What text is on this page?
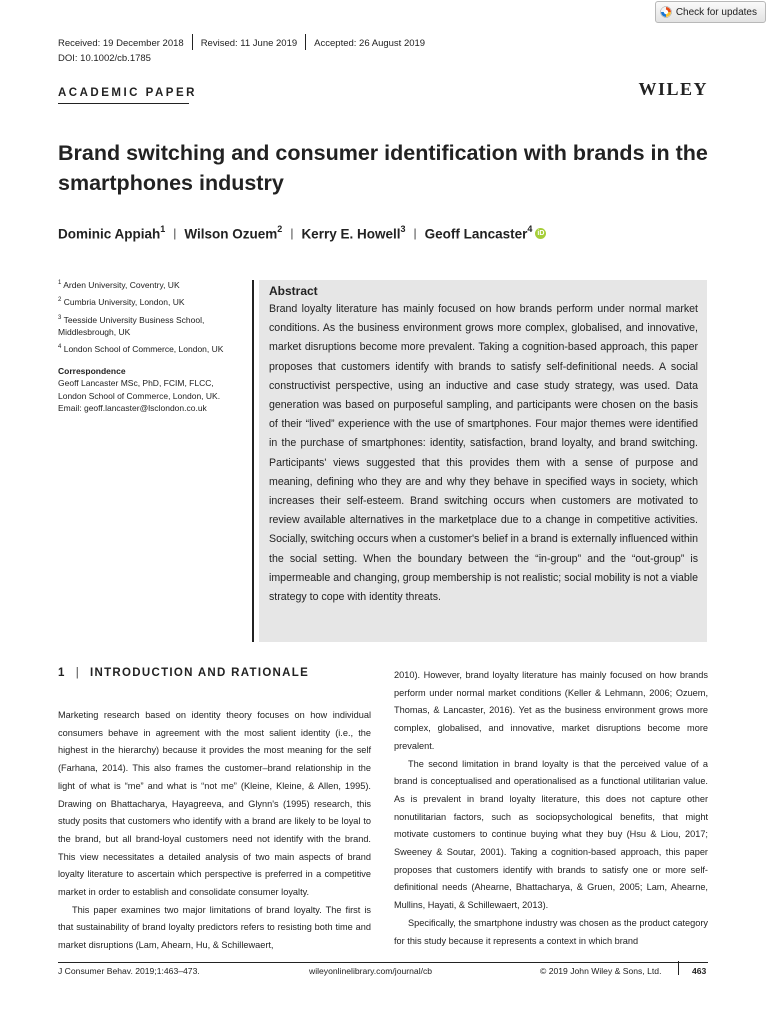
Received: 19 December 2018	Revised: 11 June 2019	Accepted: 26 August 2019
DOI: 10.1002/cb.1785
Check for updates
ACADEMIC PAPER	WILEY
Brand switching and consumer identification with brands in the smartphones industry
Dominic Appiah$^1$ | Wilson Ozuem$^2$ | Kerry E. Howell$^3$ | Geoff Lancaster$^4$ iD
$^1$ Arden University, Coventry, UK
$^2$ Cumbria University, London, UK
$^3$ Teesside University Business School, Middlesbrough, UK
$^4$ London School of Commerce, London, UK
Correspondence
Geoff Lancaster MSc, PhD, FCIM, FLCC,
London School of Commerce, London, UK.
Email: geoff.lancaster@lsclondon.co.uk
Abstract

Brand loyalty literature has mainly focused on how brands perform under normal market conditions. As the business environment grows more complex, globalised, and innovative, market disruptions become more prevalent. Taking a cognition-based approach, this paper proposes that customers identify with brands to satisfy self-definitional needs. A social constructivist perspective, using an inductive and case study strategy, was used. Data generation was based on purposeful sampling, and participants were chosen on the basis of their “lived” experience with the use of smartphones. Four major themes were identified in the purchase of smartphones: identity, satisfaction, brand loyalty, and brand switching. Participants' views suggested that this provides them with a sense of purpose and meaning, defining who they are and why they behave in specified ways in society, which increases their self-esteem. Brand switching occurs when customers are motivated to review available alternatives in the marketplace due to a change in competitive activities. Socially, switching occurs when a customer's belief in a brand is externally influenced within the social setting. When the boundary between the “in-group” and the “out-group” is impermeable and changing, group membership is not realistic; social mobility is not a viable strategy to cope with identity threats.

1 | INTRODUCTION AND RATIONALE

Marketing research based on identity theory focuses on how individual consumers behave in agreement with the most salient identity (i.e., the highest in the hierarchy) because it provides the most meaning for the self (Farhana, 2014). This also frames the customer–brand relationship in the light of what is “me” and what is “not me” (Kleine, Kleine, & Allen, 1995). Drawing on Bhattacharya, Hayagreeva, and Glynn's (1995) research, this study posits that customers who identify with a brand are likely to be loyal to the brand, but all brand-loyal customers need not identify with the brand. This view necessitates a detailed analysis of two main aspects of brand loyalty literature to ascertain which perspective is preferred in a competitive market in order to establish and consolidate consumer loyalty.

This paper examines two major limitations of brand loyalty. The first is that sustainability of brand loyalty predictors refers to resisting both time and market disruptions (Lam, Ahearn, Hu, & Schillewaert,

2010). However, brand loyalty literature has mainly focused on how brands perform under normal market conditions (Keller & Lehmann, 2006; Ozuem, Thomas, & Lancaster, 2016). Yet as the business environment grows more complex, globalised, and innovative, market disruptions become more prevalent.

The second limitation in brand loyalty is that the perceived value of a brand is conceptualised and operationalised as a functional utilitarian value. As is prevalent in brand loyalty literature, this does not capture other nonutilitarian factors, such as sociopsychological benefits, that might motivate customers to continue buying what they buy (Hsu & Liou, 2017; Sweeney & Soutar, 2001). Taking a cognition-based approach, this paper proposes that customers identify with brands to satisfy one or more self-definitional needs (Ahearne, Bhattacharya, & Gruen, 2005; Lam, Ahearne, Mullins, Hayati, & Schillewaert, 2013).

Specifically, the smartphone industry was chosen as the product category for this study because it represents a context in which brand

J Consumer Behav. 2019;1:463–473.	wileyonlinelibrary.com/journal/cb	© 2019 John Wiley & Sons, Ltd.	463
